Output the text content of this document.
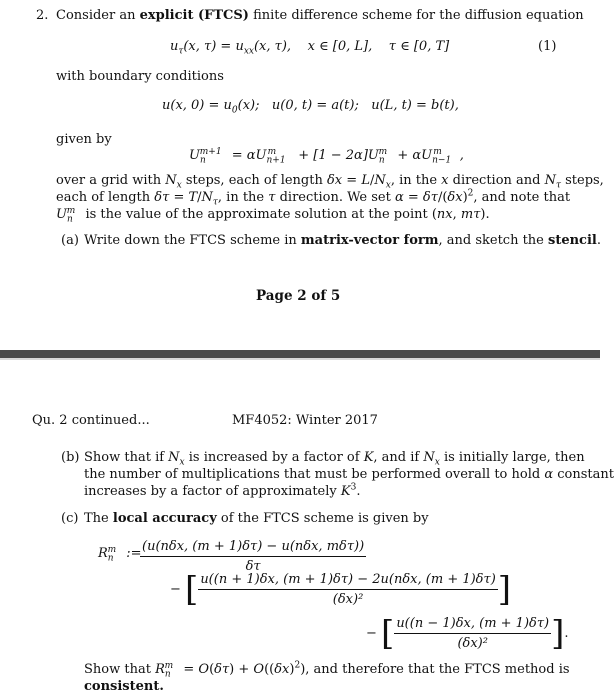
2. Consider an explicit (FTCS) finite difference scheme for the diffusion equation
$u_\tau(x$, $\tau) = u_{xx}(x$, τ),    x ∈ [0, L],    τ ∈ [0, T]	(1)
with boundary conditions
u(x, $0) = u_0(x)$;   u(0, t) = a(t);   u(L, t) = b(t),
given by
$U_n^{m+1} = \alpha U_{n+1}^m + [1 - 2\alpha]U_n^m + \alpha U_{n-1}^m$ ,
over a grid with $N_x$ steps, each of length $\delta x = L/N_x$, in the x direction and $N_\tau$ steps,
each of length $\delta\tau = T/N_\tau$, in the τ direction. We set $\alpha = \delta\tau/(\delta x)^2$, and note that
$U_n^m$ is the value of the approximate solution at the point (nx, mτ).
(a) Write down the FTCS scheme in matrix-vector form, and sketch the stencil.
Page 2 of 5
Qu. 2 continued...	MF4052: Winter 2017
(b) Show that if $N_x$ is increased by a factor of K, and if $N_x$ is initially large, then
the number of multiplications that must be performed overall to hold α constant
increases by a factor of approximately $K^3$.
(c) The local accuracy of the FTCS scheme is given by
$R_n^m$ :=
$\frac{\text{(u(nδx, (m + 1)δτ) − u(nδx, mδτ))}}{\delta\tau}$
− [ $\frac{\text{u((n + 1)δx, (m + 1)δτ) − 2u(nδx, (m + 1)δτ)}}{\text{(δx)²}}$ ]
− [ $\frac{u((n - 1)\delta x, (m + 1)\delta\tau)}{\text{(δx)²}}$ ].
Show that $R_n^m = O(\delta\tau) + O((\delta x)^2)$, and therefore that the FTCS method is
consistent.
